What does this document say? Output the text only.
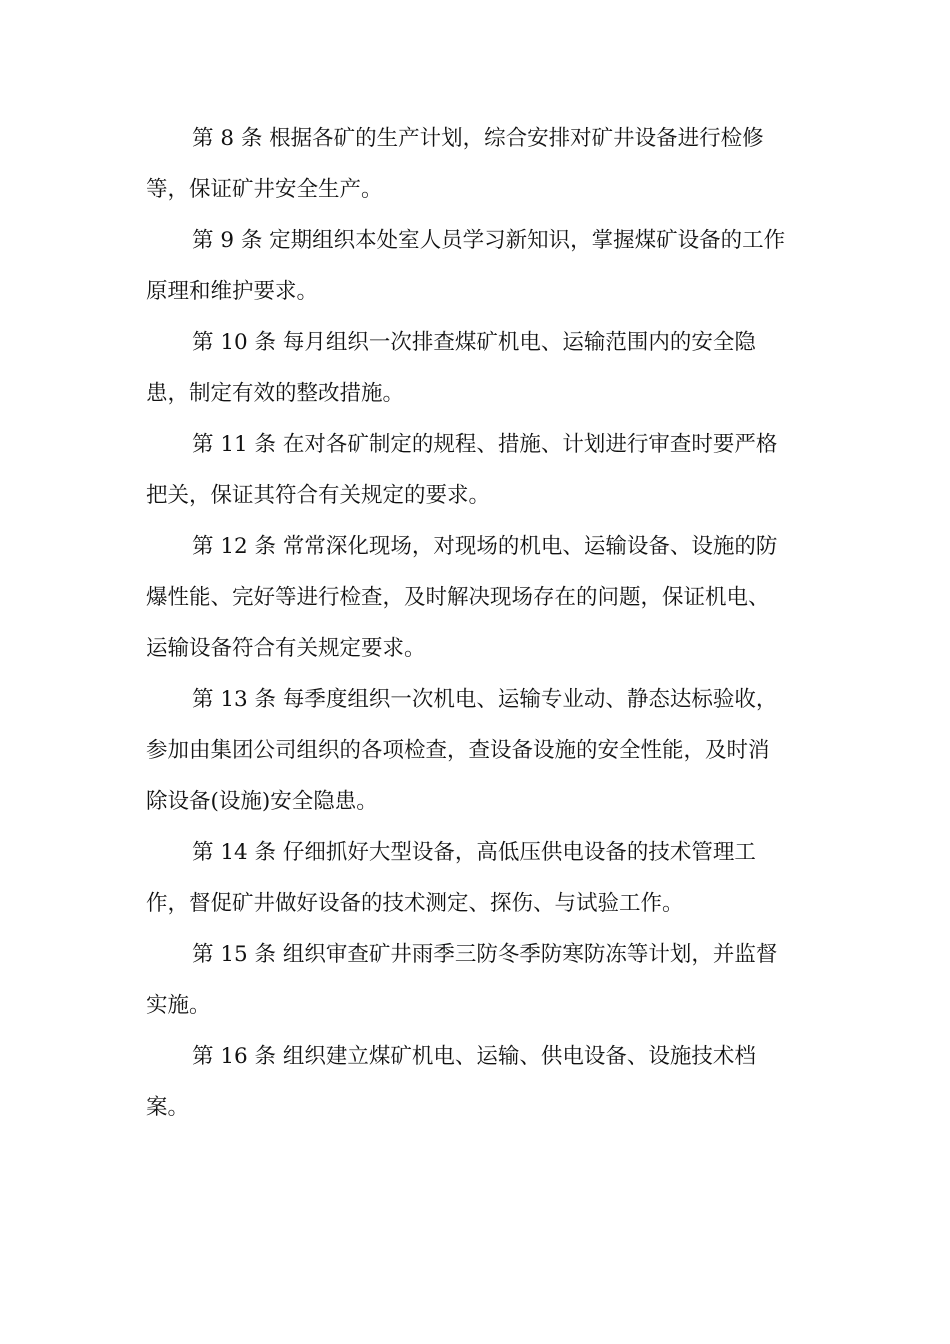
第 8 条 根据各矿的生产计划，综合安排对矿井设备进行检修
等，保证矿井安全生产。
第 9 条 定期组织本处室人员学习新知识，掌握煤矿设备的工作
原理和维护要求。
第 10 条 每月组织一次排查煤矿机电、运输范围内的安全隐
患，制定有效的整改措施。
第 11 条 在对各矿制定的规程、措施、计划进行审查时要严格
把关，保证其符合有关规定的要求。
第 12 条 常常深化现场，对现场的机电、运输设备、设施的防
爆性能、完好等进行检查，及时解决现场存在的问题，保证机电、
运输设备符合有关规定要求。
第 13 条 每季度组织一次机电、运输专业动、静态达标验收，
参加由集团公司组织的各项检查，查设备设施的安全性能，及时消
除设备(设施)安全隐患。
第 14 条 仔细抓好大型设备，高低压供电设备的技术管理工
作，督促矿井做好设备的技术测定、探伤、与试验工作。
第 15 条 组织审查矿井雨季三防冬季防寒防冻等计划，并监督
实施。
第 16 条 组织建立煤矿机电、运输、供电设备、设施技术档
案。
